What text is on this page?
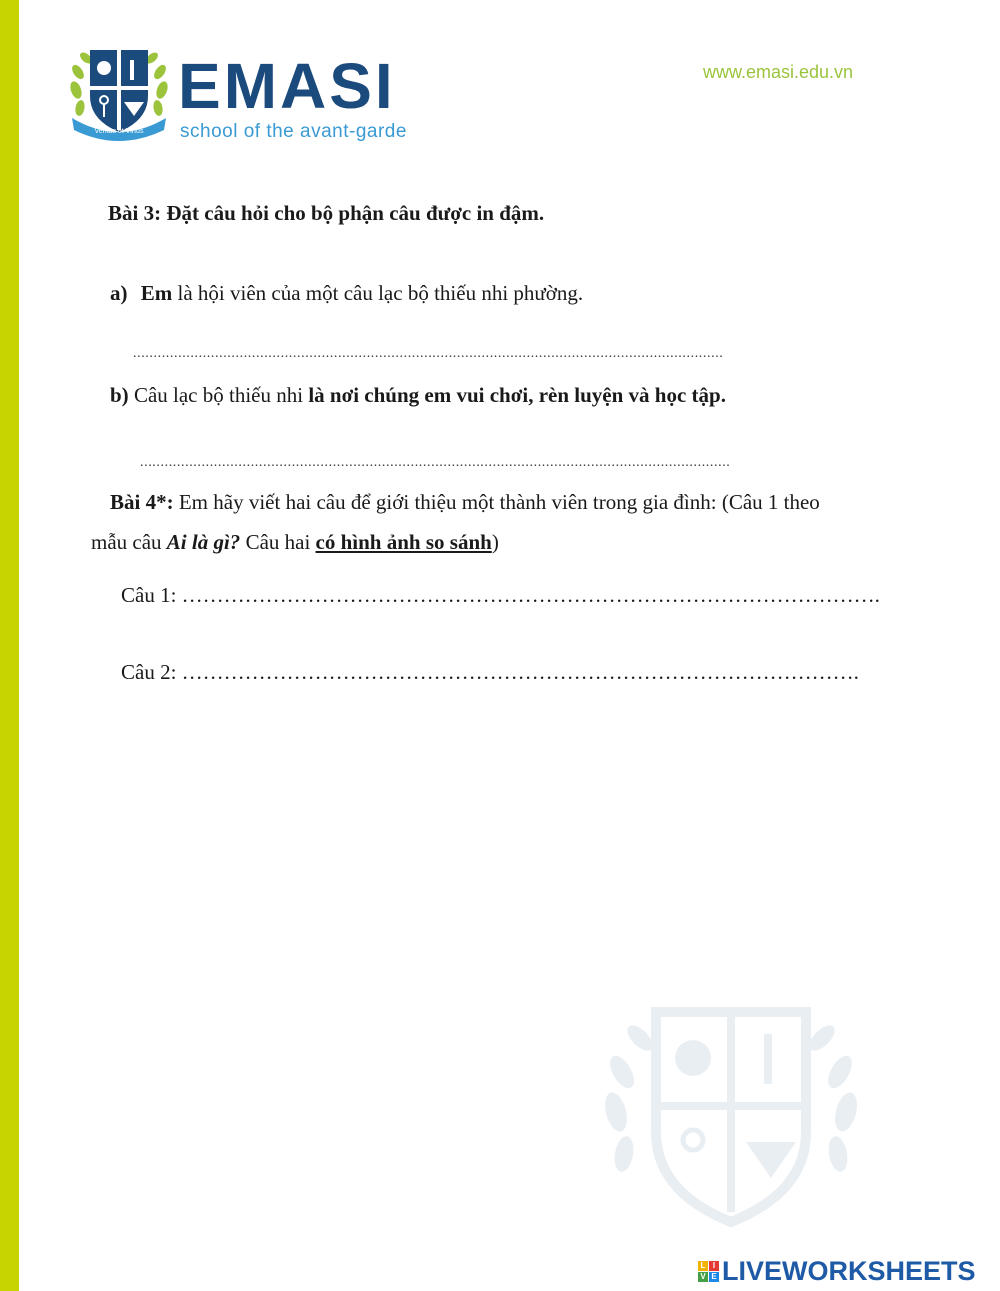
Veritas et Virtus
EMASI
school of the avant-garde
www.emasi.edu.vn
Bài 3: Đặt câu hỏi cho bộ phận câu được in đậm.
a) Em là hội viên của một câu lạc bộ thiếu nhi phường.
................................................................................................................................................
b) Câu lạc bộ thiếu nhi là nơi chúng em vui chơi, rèn luyện và học tập.
................................................................................................................................................
Bài 4*: Em hãy viết hai câu để giới thiệu một thành viên trong gia đình: (Câu 1 theo
mẫu câu Ai là gì? Câu hai có hình ảnh so sánh)
Câu 1: ……………………………………………………………………………………….
Câu 2: …………………………………………………………………………………….
L I
V E LIVEWORKSHEETS
